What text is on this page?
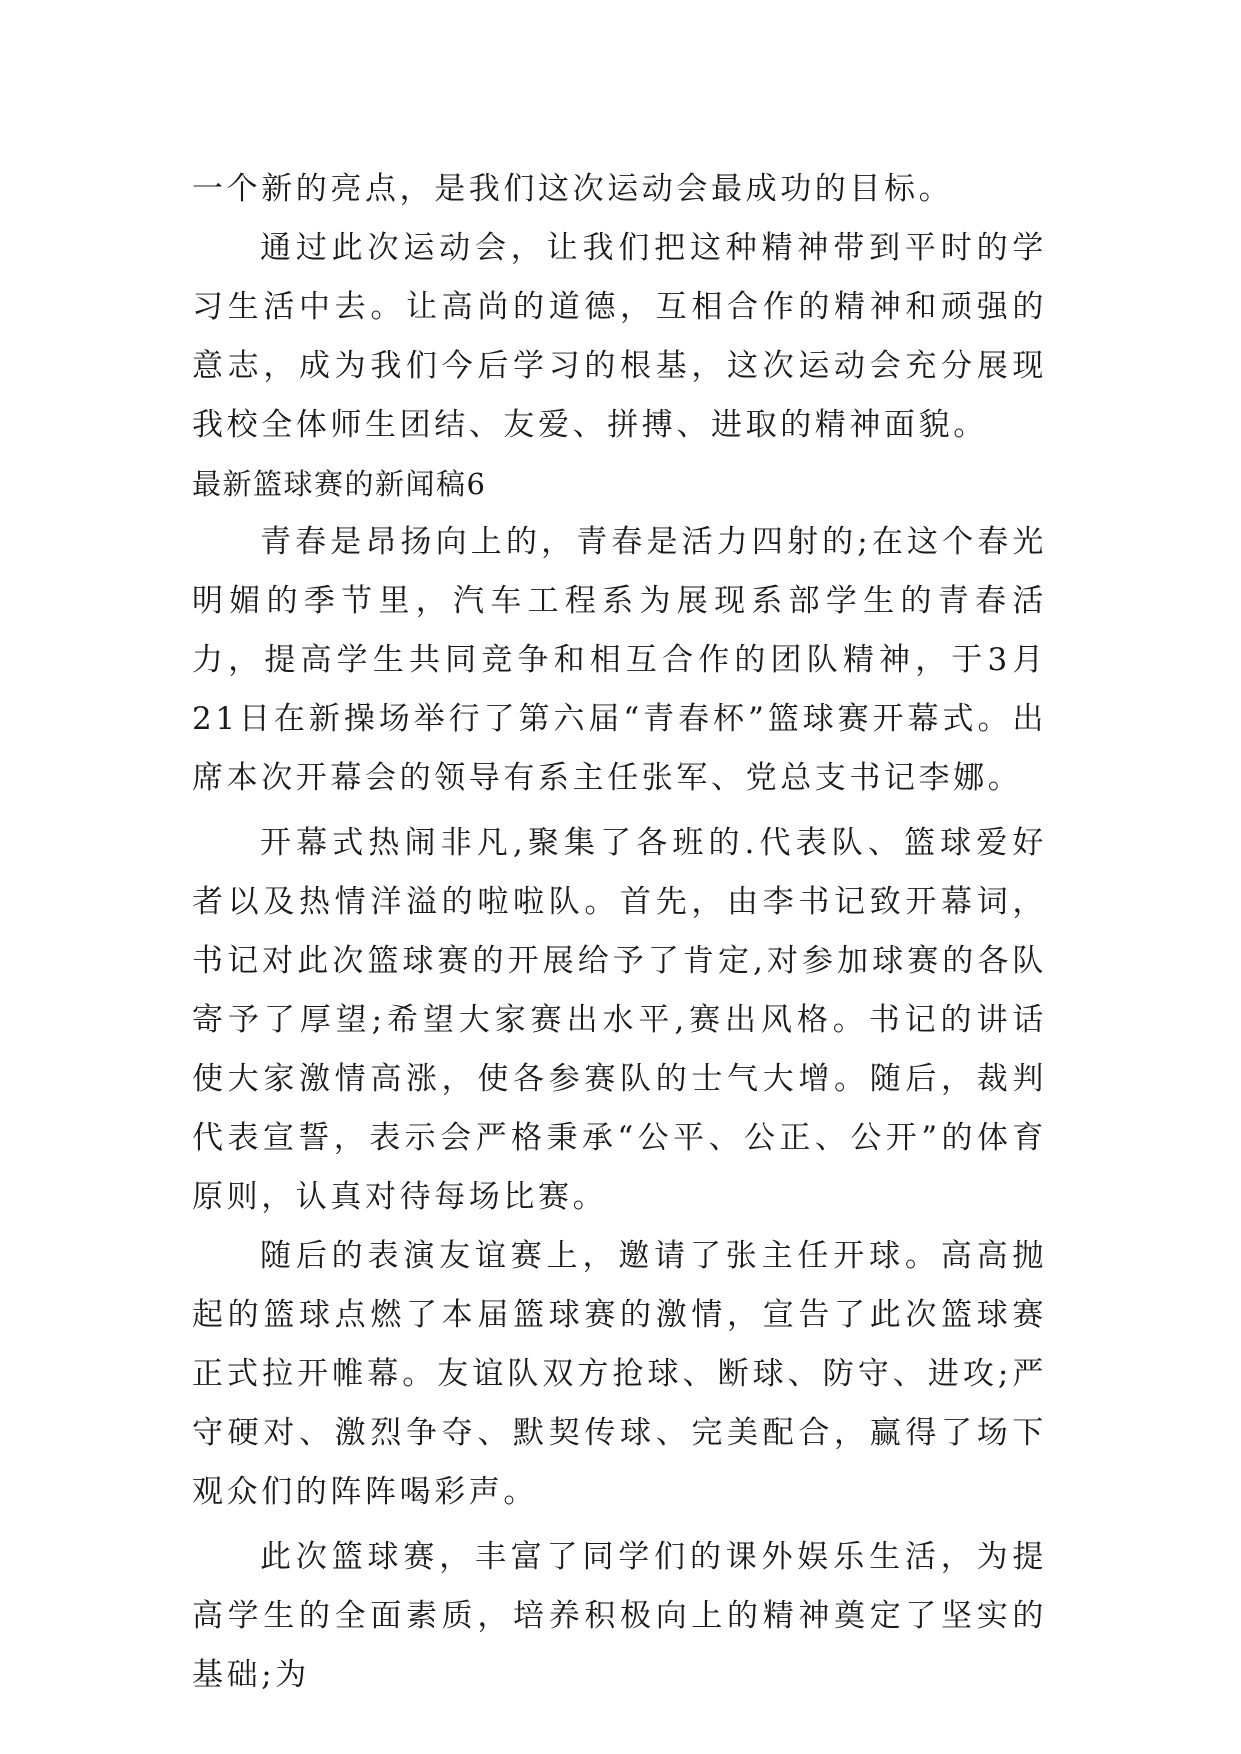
一个新的亮点，是我们这次运动会最成功的目标。

通过此次运动会，让我们把这种精神带到平时的学习生活中去。让高尚的道德，互相合作的精神和顽强的意志，成为我们今后学习的根基，这次运动会充分展现我校全体师生团结、友爱、拼搏、进取的精神面貌。

最新篮球赛的新闻稿6

青春是昂扬向上的，青春是活力四射的;在这个春光明媚的季节里，汽车工程系为展现系部学生的青春活力，提高学生共同竞争和相互合作的团队精神，于3月21日在新操场举行了第六届“青春杯”篮球赛开幕式。出席本次开幕会的领导有系主任张军、党总支书记李娜。

开幕式热闹非凡,聚集了各班的.代表队、篮球爱好者以及热情洋溢的啦啦队。首先，由李书记致开幕词，书记对此次篮球赛的开展给予了肯定,对参加球赛的各队寄予了厚望;希望大家赛出水平,赛出风格。书记的讲话使大家激情高涨，使各参赛队的士气大增。随后，裁判代表宣誓，表示会严格秉承“公平、公正、公开”的体育原则，认真对待每场比赛。

随后的表演友谊赛上，邀请了张主任开球。高高抛起的篮球点燃了本届篮球赛的激情，宣告了此次篮球赛正式拉开帷幕。友谊队双方抢球、断球、防守、进攻;严守硬对、激烈争夺、默契传球、完美配合，赢得了场下观众们的阵阵喝彩声。

此次篮球赛，丰富了同学们的课外娱乐生活，为提高学生的全面素质，培养积极向上的精神奠定了坚实的基础;为
